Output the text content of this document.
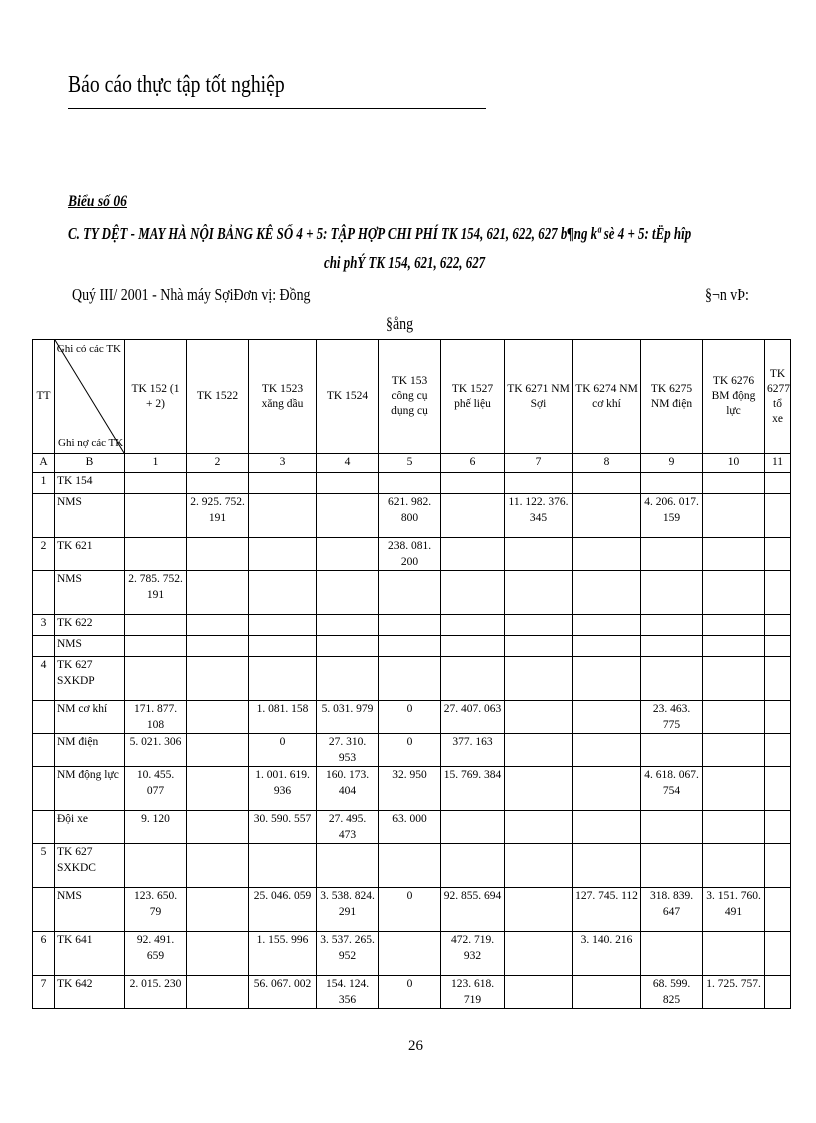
Báo cáo thực tập tốt nghiệp
Biểu số 06
C. TY DỆT - MAY HÀ NỘI BẢNG KÊ SỐ 4 + 5: TẬP HỢP CHI PHÍ TK 154, 621, 622, 627 b¶ng kª sè 4 + 5: tËp hîp
chi phÝ TK 154, 621, 622, 627
Quý III/ 2001 - Nhà máy SợiĐơn vị: Đồng	§¬n vÞ:
§ång
TT	Ghi có các TK
Ghi nợ các TK	TK 152 (1 + 2)	TK 1522	TK 1523 xăng dầu	TK 1524	TK 153 công cụ dụng cụ	TK 1527 phế liệu	TK 6271 NM Sợi	TK 6274 NM cơ khí	TK 6275 NM điện	TK 6276 BM động lực	TK 6277 tổ xe
A	B	1	2	3	4	5	6	7	8	9	10	11
1	TK 154											
	NMS		2. 925. 752. 191			621. 982. 800		11. 122. 376. 345		4. 206. 017. 159		
2	TK 621					238. 081. 200						
	NMS	2. 785. 752. 191										
3	TK 622											
	NMS											
4	TK 627 SXKDP											
	NM cơ khí	171. 877. 108		1. 081. 158	5. 031. 979	0	27. 407. 063			23. 463. 775		
	NM điện	5. 021. 306		0	27. 310. 953	0	377. 163					
	NM động lực	10. 455. 077		1. 001. 619. 936	160. 173. 404	32. 950	15. 769. 384			4. 618. 067. 754		
	Đội xe	9. 120		30. 590. 557	27. 495. 473	63. 000						
5	TK 627 SXKDC											
	NMS	123. 650. 79		25. 046. 059	3. 538. 824. 291	0	92. 855. 694		127. 745. 112	318. 839. 647	3. 151. 760. 491	
6	TK 641	92. 491. 659		1. 155. 996	3. 537. 265. 952		472. 719. 932		3. 140. 216			
7	TK 642	2. 015. 230		56. 067. 002	154. 124. 356	0	123. 618. 719			68. 599. 825	1. 725. 757.	
26
